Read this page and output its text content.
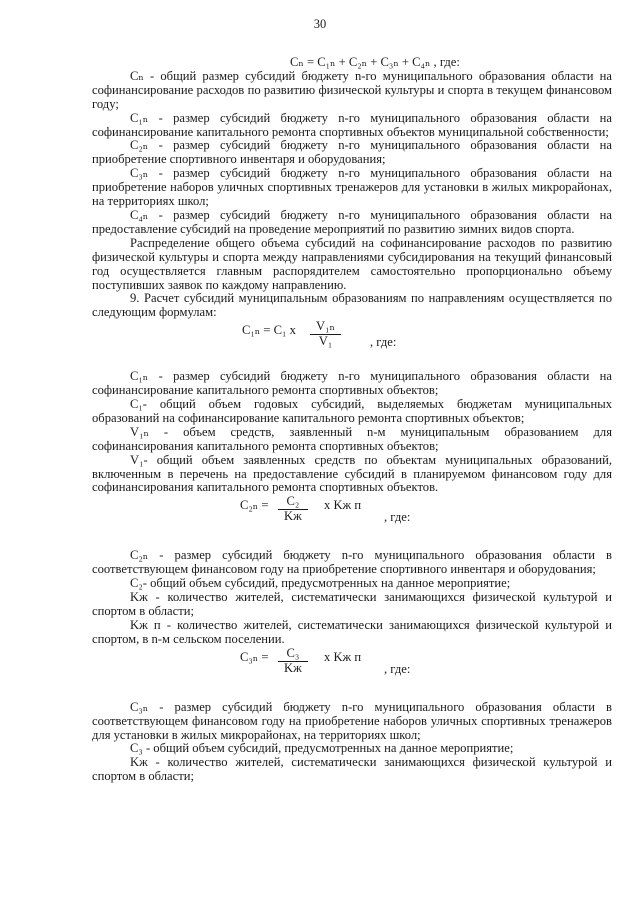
30

Cₙ = C₁ₙ + C₂ₙ + C₃ₙ + C₄ₙ , где:

Cₙ - общий размер субсидий бюджету n-го муниципального образования области на софинансирование расходов по развитию физической культуры и спорта в текущем финансовом году;

C₁ₙ - размер субсидий бюджету n-го муниципального образования области на софинансирование капитального ремонта спортивных объектов муниципальной собственности;

C₂ₙ - размер субсидий бюджету n-го муниципального образования области на приобретение спортивного инвентаря и оборудования;

C₃ₙ - размер субсидий бюджету n-го муниципального образования области на приобретение наборов уличных спортивных тренажеров для установки в жилых микрорайонах, на территориях школ;

C₄ₙ - размер субсидий бюджету n-го муниципального образования области на предоставление субсидий на проведение мероприятий по развитию зимних видов спорта.

Распределение общего объема субсидий на софинансирование расходов по развитию физической культуры и спорта между направлениями субсидирования на текущий финансовый год осуществляется главным распорядителем самостоятельно пропорционально объему поступивших заявок по каждому направлению.

9. Расчет субсидий муниципальным образованиям по направлениям осуществляется по следующим формулам:

C₁ₙ = C₁ x $\frac{\text{V₁ₙ}}{\text{V₁}}$ , где:

C₁ₙ - размер субсидий бюджету n-го муниципального образования области на софинансирование капитального ремонта спортивных объектов;

C₁- общий объем годовых субсидий, выделяемых бюджетам муниципальных образований на софинансирование капитального ремонта спортивных объектов;

V₁ₙ - объем средств, заявленный n-м муниципальным образованием для софинансирования капитального ремонта спортивных объектов;

V₁- общий объем заявленных средств по объектам муниципальных образований, включенным в перечень на предоставление субсидий в планируемом финансовом году для софинансирования капитального ремонта спортивных объектов.

C₂ₙ =	C₂
Kж
x Kж п
, где:

C₂ₙ - размер субсидий бюджету n-го муниципального образования области в соответствующем финансовом году на приобретение спортивного инвентаря и оборудования;

C₂- общий объем субсидий, предусмотренных на данное мероприятие;

Kж - количество жителей, систематически занимающихся физической культурой и спортом в области;

Kж п - количество жителей, систематически занимающихся физической культурой и спортом, в n-м сельском поселении.

C₃ₙ =	C₃
Kж
x Kж п
, где:

C₃ₙ - размер субсидий бюджету n-го муниципального образования области в соответствующем финансовом году на приобретение наборов уличных спортивных тренажеров для установки в жилых микрорайонах, на территориях школ;

C₃ - общий объем субсидий, предусмотренных на данное мероприятие;

Kж - количество жителей, систематически занимающихся физической культурой и спортом в области;
